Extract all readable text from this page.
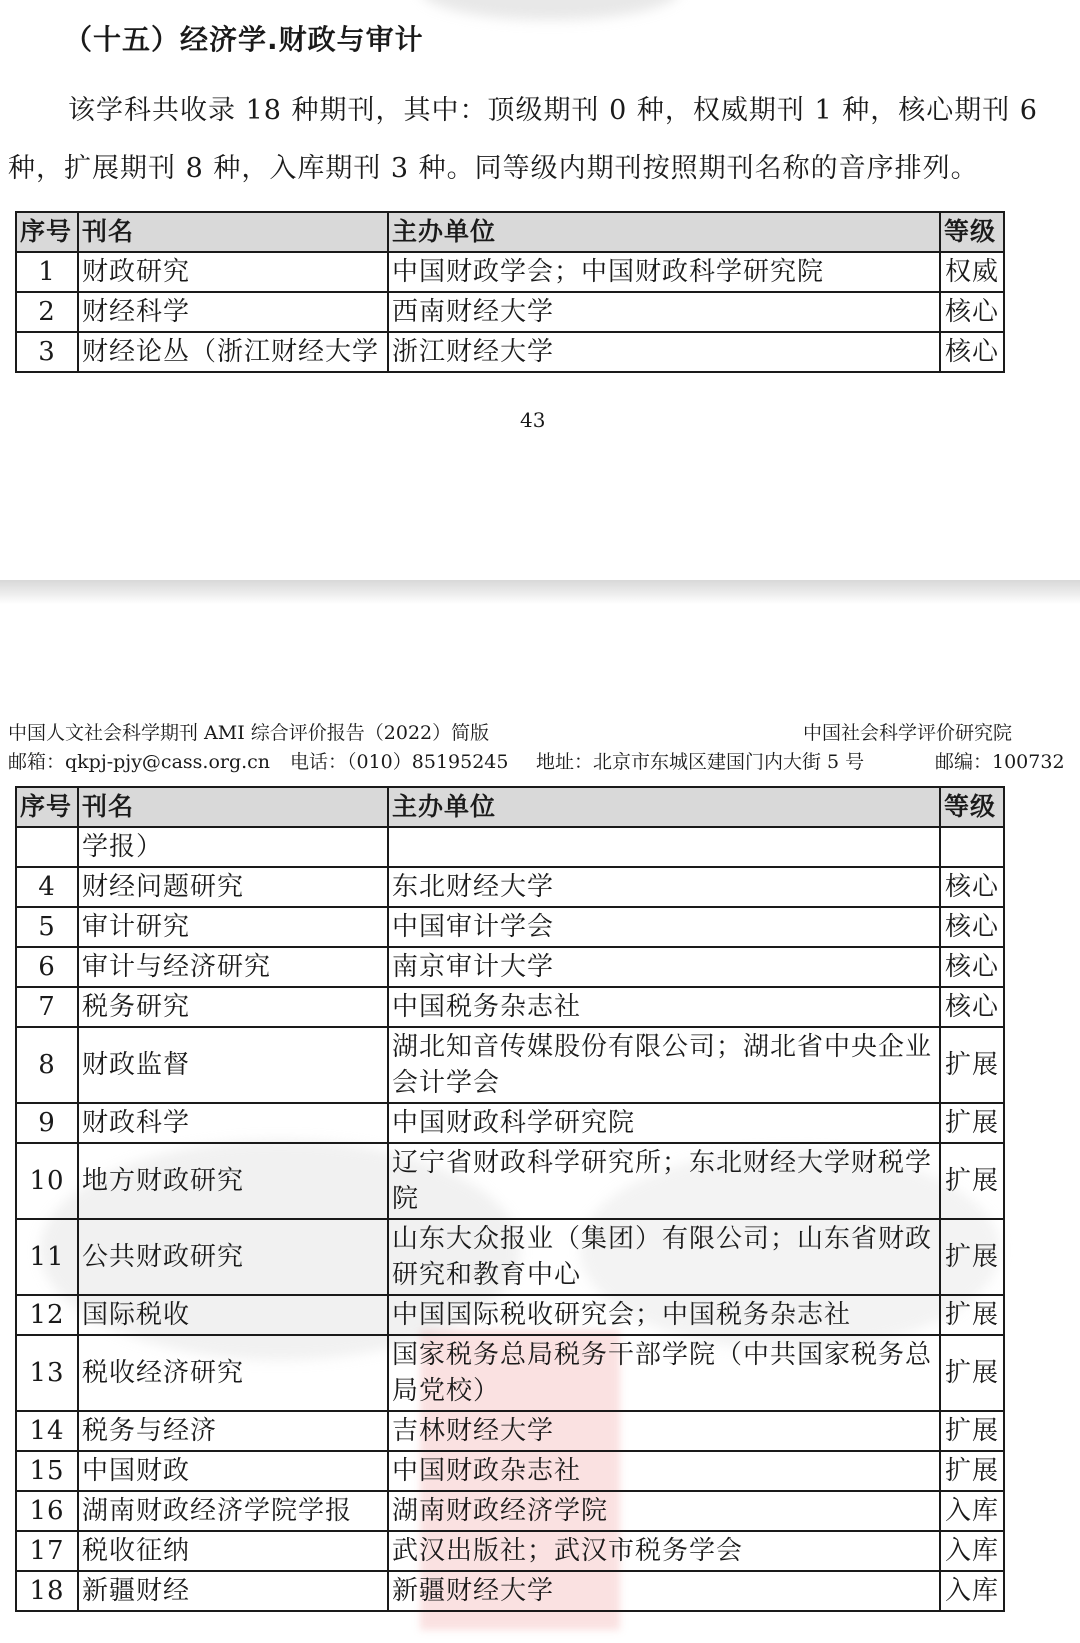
（十五）经济学.财政与审计
该学科共收录 18 种期刊，其中：顶级期刊 0 种，权威期刊 1 种，核心期刊 6 种，扩展期刊 8 种，入库期刊 3 种。同等级内期刊按照期刊名称的音序排列。
序号	刊名	主办单位	等级
1	财政研究	中国财政学会；中国财政科学研究院	权威
2	财经科学	西南财经大学	核心
3	财经论丛（浙江财经大学	浙江财经大学	核心
43
中国人文社会科学期刊 AMI 综合评价报告（2022）简版	中国社会科学评价研究院
邮箱：qkpj-pjy@cass.org.cn 电话：（010）85195245 地址：北京市东城区建国门内大街 5 号	邮编：100732
序号	刊名	主办单位	等级
	学报）		
4	财经问题研究	东北财经大学	核心
5	审计研究	中国审计学会	核心
6	审计与经济研究	南京审计大学	核心
7	税务研究	中国税务杂志社	核心
8	财政监督	湖北知音传媒股份有限公司；湖北省中央企业会计学会	扩展
9	财政科学	中国财政科学研究院	扩展
10	地方财政研究	辽宁省财政科学研究所；东北财经大学财税学院	扩展
11	公共财政研究	山东大众报业（集团）有限公司；山东省财政研究和教育中心	扩展
12	国际税收	中国国际税收研究会；中国税务杂志社	扩展
13	税收经济研究	国家税务总局税务干部学院（中共国家税务总局党校）	扩展
14	税务与经济	吉林财经大学	扩展
15	中国财政	中国财政杂志社	扩展
16	湖南财政经济学院学报	湖南财政经济学院	入库
17	税收征纳	武汉出版社；武汉市税务学会	入库
18	新疆财经	新疆财经大学	入库
